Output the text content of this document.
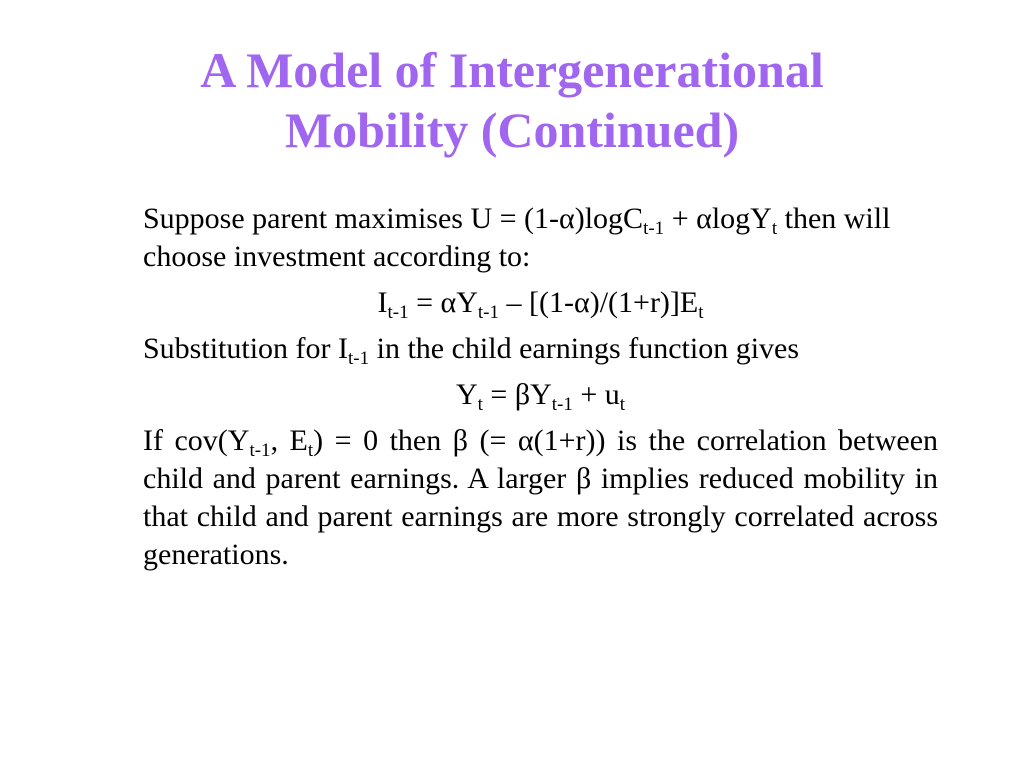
A Model of Intergenerational
Mobility (Continued)

Suppose parent maximises U = (1-α)logC$_{t-1}$ + αlogY$_t$ then will choose investment according to:

$I_{t-1} = \alpha Y_{t-1} - [(1-\alpha)/(1+r)]E_t$

Substitution for $I_{t-1}$ in the child earnings function gives

$Y_t = \beta Y_{t-1} + u_t$

If $cov(Y_{t-1}$, $E_t) = 0$ then β (= α(1+r)) is the correlation between child and parent earnings. A larger β implies reduced mobility in that child and parent earnings are more strongly correlated across generations.
